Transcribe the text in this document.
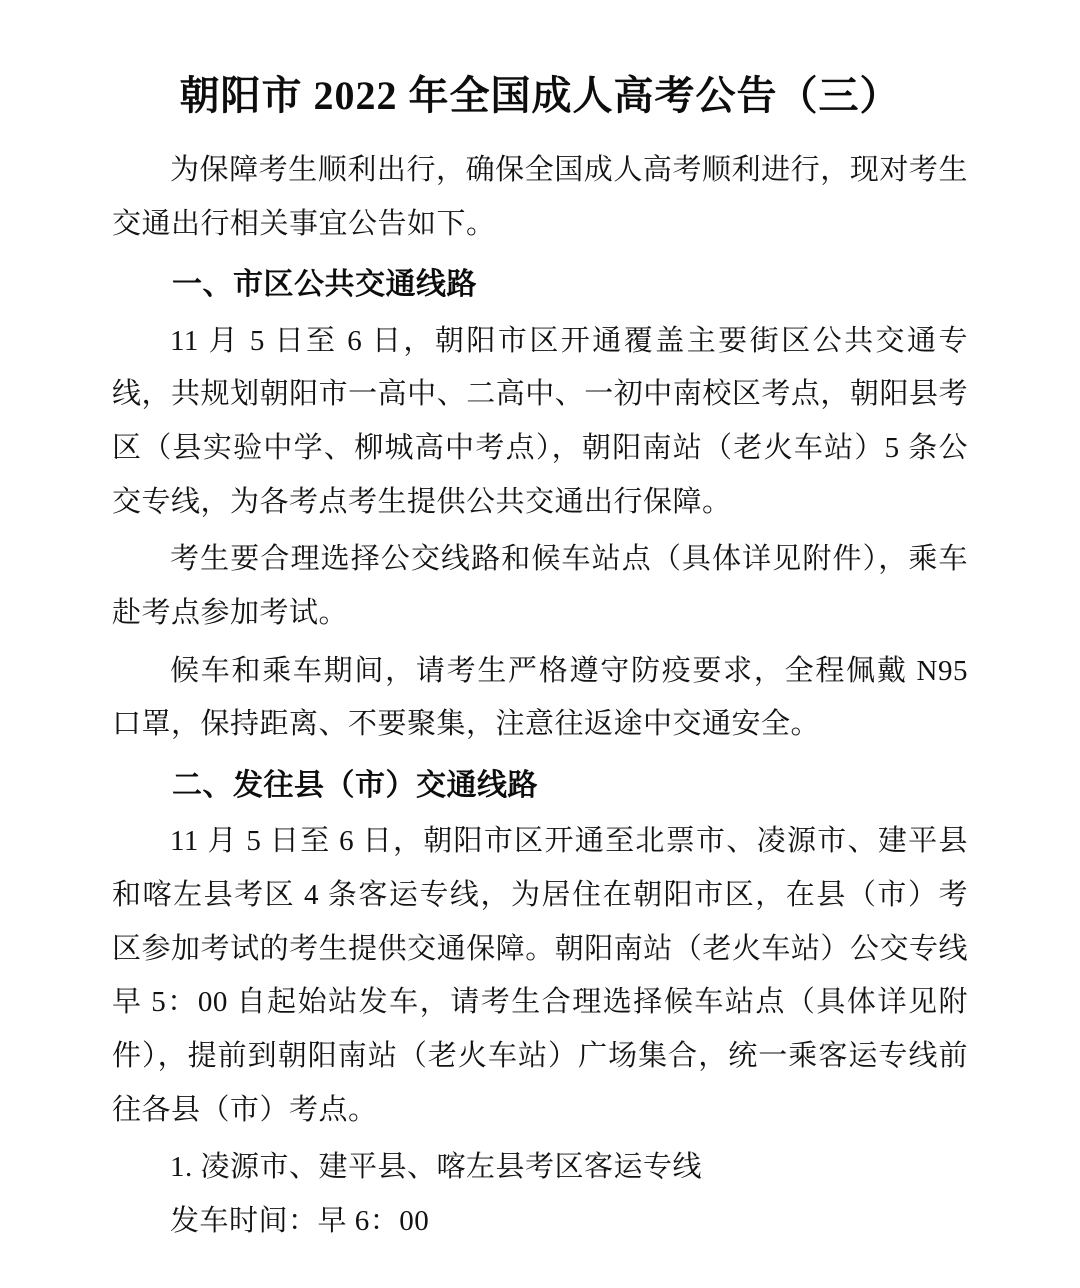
朝阳市 2022 年全国成人高考公告（三）

为保障考生顺利出行，确保全国成人高考顺利进行，现对考生交通出行相关事宜公告如下。

一、市区公共交通线路

11 月 5 日至 6 日，朝阳市区开通覆盖主要街区公共交通专线，共规划朝阳市一高中、二高中、一初中南校区考点，朝阳县考区（县实验中学、柳城高中考点），朝阳南站（老火车站）5 条公交专线，为各考点考生提供公共交通出行保障。

考生要合理选择公交线路和候车站点（具体详见附件），乘车赴考点参加考试。

候车和乘车期间，请考生严格遵守防疫要求，全程佩戴 N95 口罩，保持距离、不要聚集，注意往返途中交通安全。

二、发往县（市）交通线路

11 月 5 日至 6 日，朝阳市区开通至北票市、凌源市、建平县和喀左县考区 4 条客运专线，为居住在朝阳市区，在县（市）考区参加考试的考生提供交通保障。朝阳南站（老火车站）公交专线早 5：00 自起始站发车，请考生合理选择候车站点（具体详见附件），提前到朝阳南站（老火车站）广场集合，统一乘客运专线前往各县（市）考点。

1. 凌源市、建平县、喀左县考区客运专线

发车时间：早 6：00
